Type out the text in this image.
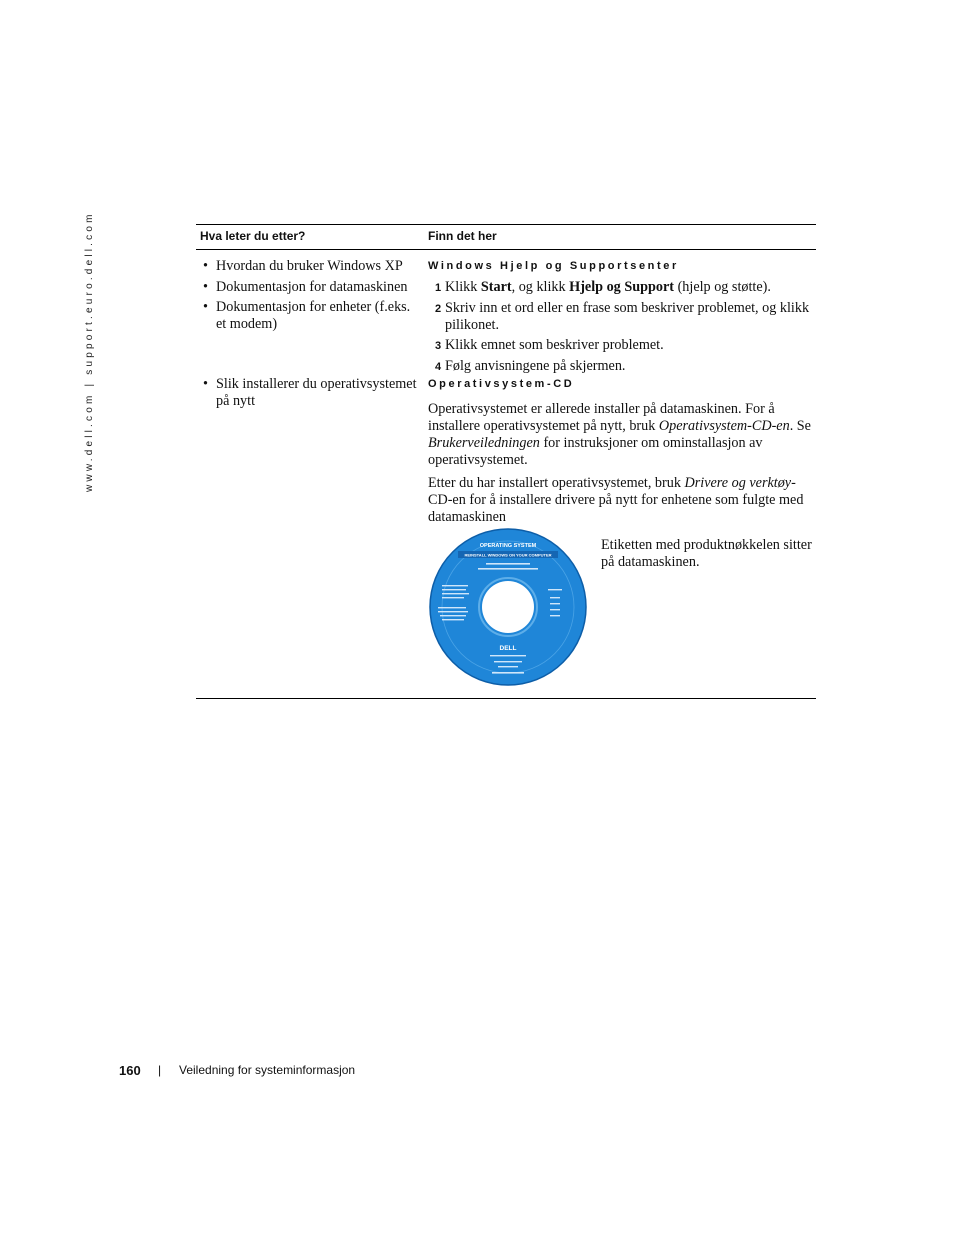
www.dell.com | support.euro.dell.com	Hva leter du etter?	Finn det her
• Hvordan du bruker Windows XP
• Dokumentasjon for datamaskinen
• Dokumentasjon for enheter (f.eks. et modem)
Windows Hjelp og Supportsenter
1 Klikk Start, og klikk Hjelp og Support (hjelp og støtte).
2 Skriv inn et ord eller en frase som beskriver problemet, og klikk pilikonet.
3 Klikk emnet som beskriver problemet.
4 Følg anvisningene på skjermen.
• Slik installerer du operativsystemet på nytt
Operativsystem-CD

Operativsystemet er allerede installer på datamaskinen. For å installere operativsystemet på nytt, bruk Operativsystem-CD-en. Se Brukerveiledningen for instruksjoner om ominstallasjon av operativsystemet.

Etter du har installert operativsystemet, bruk Drivere og verktøy-CD-en for å installere drivere på nytt for enhetene som fulgte med datamaskinen

OPERATING SYSTEM
REINSTALL WINDOWS ON YOUR COMPUTER
DELL
Etiketten med produktnøkkelen sitter på datamaskinen.
160 | Veiledning for systeminformasjon
